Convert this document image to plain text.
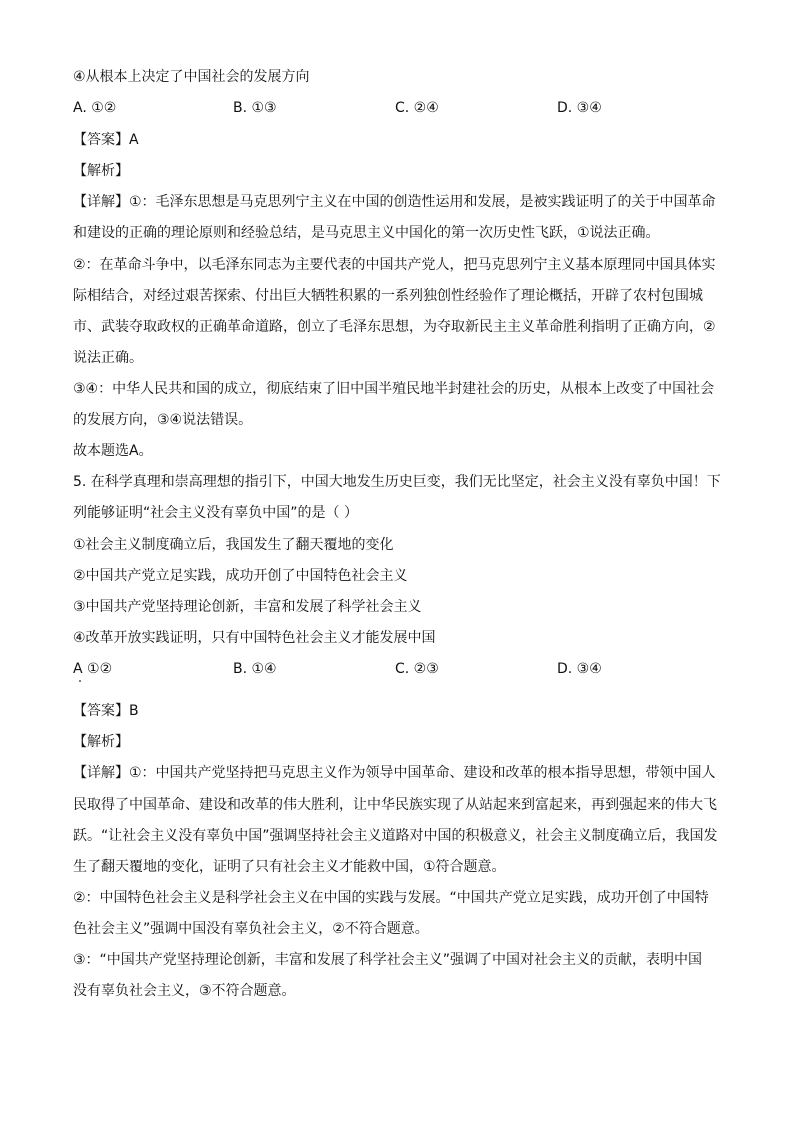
④从根本上决定了中国社会的发展方向
A. ①②	B. ①③	C. ②④	D. ③④
【答案】A
【解析】
【详解】①：毛泽东思想是马克思列宁主义在中国的创造性运用和发展，是被实践证明了的关于中国革命
和建设的正确的理论原则和经验总结，是马克思主义中国化的第一次历史性飞跃，①说法正确。
②：在革命斗争中，以毛泽东同志为主要代表的中国共产党人，把马克思列宁主义基本原理同中国具体实
际相结合，对经过艰苦探索、付出巨大牺牲积累的一系列独创性经验作了理论概括，开辟了农村包围城
市、武装夺取政权的正确革命道路，创立了毛泽东思想，为夺取新民主主义革命胜利指明了正确方向，②
说法正确。
③④：中华人民共和国的成立，彻底结束了旧中国半殖民地半封建社会的历史，从根本上改变了中国社会
的发展方向，③④说法错误。
故本题选A。
5. 在科学真理和崇高理想的指引下，中国大地发生历史巨变，我们无比坚定，社会主义没有辜负中国！下
列能够证明“社会主义没有辜负中国”的是（ ）
①社会主义制度确立后，我国发生了翻天覆地的变化
②中国共产党立足实践，成功开创了中国特色社会主义
③中国共产党坚持理论创新，丰富和发展了科学社会主义
④改革开放实践证明，只有中国特色社会主义才能发展中国
A ①②	B. ①④	C. ②③	D. ③④
【答案】B
【解析】
【详解】①：中国共产党坚持把马克思主义作为领导中国革命、建设和改革的根本指导思想，带领中国人
民取得了中国革命、建设和改革的伟大胜利，让中华民族实现了从站起来到富起来，再到强起来的伟大飞
跃。“让社会主义没有辜负中国”强调坚持社会主义道路对中国的积极意义，社会主义制度确立后，我国发
生了翻天覆地的变化，证明了只有社会主义才能救中国，①符合题意。
②：中国特色社会主义是科学社会主义在中国的实践与发展。“中国共产党立足实践，成功开创了中国特
色社会主义”强调中国没有辜负社会主义，②不符合题意。
③：“中国共产党坚持理论创新，丰富和发展了科学社会主义”强调了中国对社会主义的贡献，表明中国
没有辜负社会主义，③不符合题意。
